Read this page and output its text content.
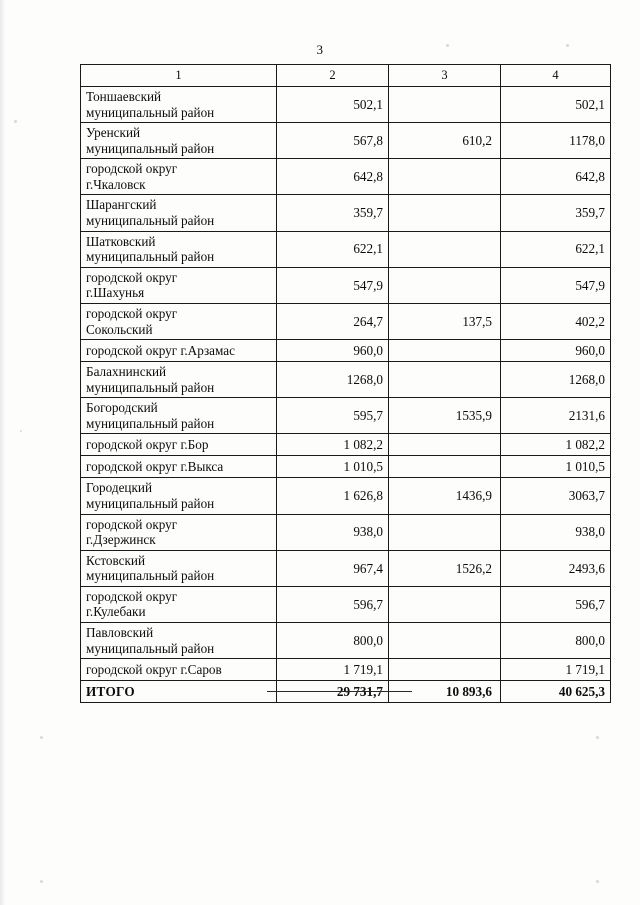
3
1	2	3	4

Тоншаевский
муниципальный район	502,1		502,1

Уренский
муниципальный район	567,8	610,2	1178,0

городской округ
г.Чкаловск	642,8		642,8

Шарангский
муниципальный район	359,7		359,7

Шатковский
муниципальный район	622,1		622,1

городской округ
г.Шахунья	547,9		547,9

городской округ
Сокольский	264,7	137,5	402,2

городской округ г.Арзамас	960,0		960,0

Балахнинский
муниципальный район	1268,0		1268,0

Богородский
муниципальный район	595,7	1535,9	2131,6

городской округ г.Бор	1 082,2		1 082,2

городской округ г.Выкса	1 010,5		1 010,5

Городецкий
муниципальный район	1 626,8	1436,9	3063,7

городской округ
г.Дзержинск	938,0		938,0

Кстовский
муниципальный район	967,4	1526,2	2493,6

городской округ
г.Кулебаки	596,7		596,7

Павловский
муниципальный район	800,0		800,0

городской округ г.Саров	1 719,1		1 719,1
ИТОГО	29 731,7	10 893,6	40 625,3
